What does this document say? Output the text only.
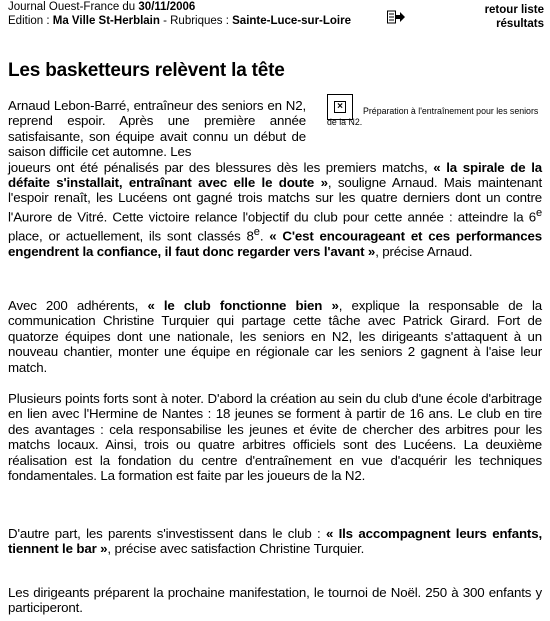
Journal Ouest-France du 30/11/2006
Edition : Ma Ville St-Herblain - Rubriques : Sainte-Luce-sur-Loire
retour liste
résultats
Les basketteurs relèvent la tête
×	Préparation à l'entraînement pour les seniors de la N2.
Arnaud Lebon-Barré, entraîneur des seniors en N2, reprend espoir. Après une première année satisfaisante, son équipe avait connu un début de saison difficile cet automne. Les
joueurs ont été pénalisés par des blessures dès les premiers matchs, « la spirale de la défaite s'installait, entraînant avec elle le doute », souligne Arnaud. Mais maintenant l'espoir renaît, les Lucéens ont gagné trois matchs sur les quatre derniers dont un contre l'Aurore de Vitré. Cette victoire relance l'objectif du club pour cette année : atteindre la 6e place, or actuellement, ils sont classés 8e. « C'est encourageant et ces performances engendrent la confiance, il faut donc regarder vers l'avant », précise Arnaud.
Avec 200 adhérents, « le club fonctionne bien », explique la responsable de la communication Christine Turquier qui partage cette tâche avec Patrick Girard. Fort de quatorze équipes dont une nationale, les seniors en N2, les dirigeants s'attaquent à un nouveau chantier, monter une équipe en régionale car les seniors 2 gagnent à l'aise leur match.
Plusieurs points forts sont à noter. D'abord la création au sein du club d'une école d'arbitrage en lien avec l'Hermine de Nantes : 18 jeunes se forment à partir de 16 ans. Le club en tire des avantages : cela responsabilise les jeunes et évite de chercher des arbitres pour les matchs locaux. Ainsi, trois ou quatre arbitres officiels sont des Lucéens. La deuxième réalisation est la fondation du centre d'entraînement en vue d'acquérir les techniques fondamentales. La formation est faite par les joueurs de la N2.
D'autre part, les parents s'investissent dans le club : « Ils accompagnent leurs enfants, tiennent le bar », précise avec satisfaction Christine Turquier.
Les dirigeants préparent la prochaine manifestation, le tournoi de Noël. 250 à 300 enfants y participeront.
